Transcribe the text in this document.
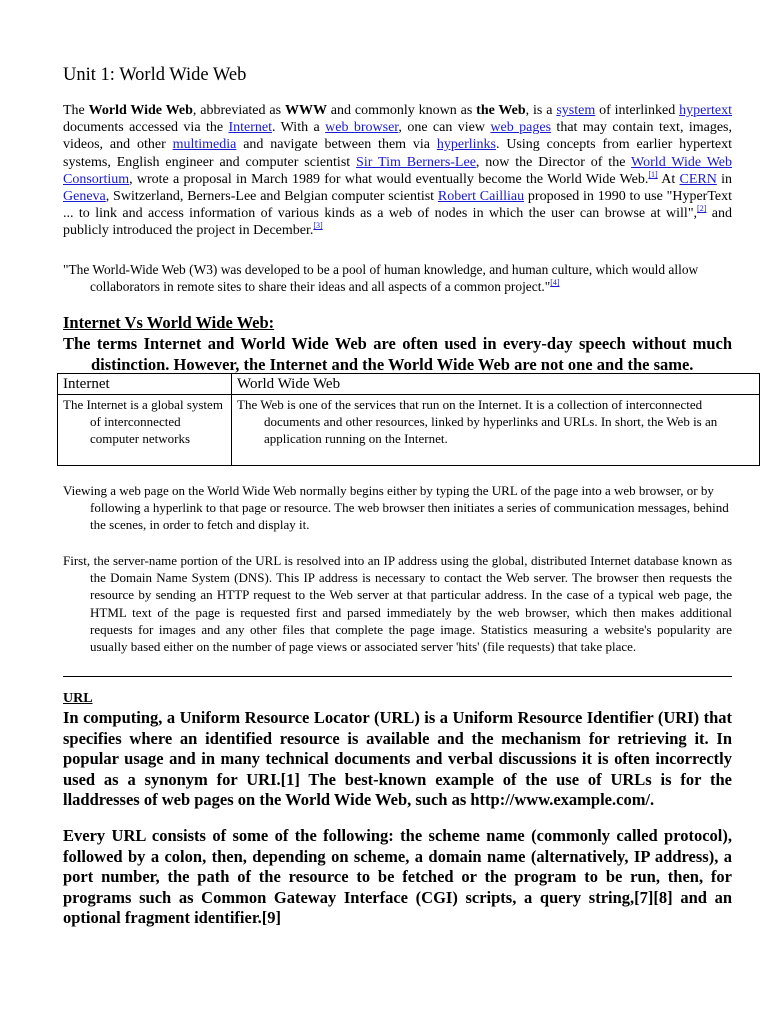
Unit 1: World Wide Web

The World Wide Web, abbreviated as WWW and commonly known as the Web, is a system of interlinked hypertext documents accessed via the Internet. With a web browser, one can view web pages that may contain text, images, videos, and other multimedia and navigate between them via hyperlinks. Using concepts from earlier hypertext systems, English engineer and computer scientist Sir Tim Berners-Lee, now the Director of the World Wide Web Consortium, wrote a proposal in March 1989 for what would eventually become the World Wide Web.[1] At CERN in Geneva, Switzerland, Berners-Lee and Belgian computer scientist Robert Cailliau proposed in 1990 to use "HyperText ... to link and access information of various kinds as a web of nodes in which the user can browse at will",[2] and publicly introduced the project in December.[3]

"The World-Wide Web (W3) was developed to be a pool of human knowledge, and human culture, which would allow collaborators in remote sites to share their ideas and all aspects of a common project."[4]

Internet Vs World Wide Web:

The terms Internet and World Wide Web are often used in every-day speech without much distinction. However, the Internet and the World Wide Web are not one and the same.

Internet	World Wide Web

The Internet is a global system of interconnected computer networks	The Web is one of the services that run on the Internet. It is a collection of interconnected documents and other resources, linked by hyperlinks and URLs. In short, the Web is an application running on the Internet.

Viewing a web page on the World Wide Web normally begins either by typing the URL of the page into a web browser, or by following a hyperlink to that page or resource. The web browser then initiates a series of communication messages, behind the scenes, in order to fetch and display it.

First, the server-name portion of the URL is resolved into an IP address using the global, distributed Internet database known as the Domain Name System (DNS). This IP address is necessary to contact the Web server. The browser then requests the resource by sending an HTTP request to the Web server at that particular address. In the case of a typical web page, the HTML text of the page is requested first and parsed immediately by the web browser, which then makes additional requests for images and any other files that complete the page image. Statistics measuring a website's popularity are usually based either on the number of page views or associated server 'hits' (file requests) that take place.

URL

In computing, a Uniform Resource Locator (URL) is a Uniform Resource Identifier (URI) that specifies where an identified resource is available and the mechanism for retrieving it. In popular usage and in many technical documents and verbal discussions it is often incorrectly used as a synonym for URI.[1] The best-known example of the use of URLs is for the lladdresses of web pages on the World Wide Web, such as http://www.example.com/.

Every URL consists of some of the following: the scheme name (commonly called protocol), followed by a colon, then, depending on scheme, a domain name (alternatively, IP address), a port number, the path of the resource to be fetched or the program to be run, then, for programs such as Common Gateway Interface (CGI) scripts, a query string,[7][8] and an optional fragment identifier.[9]
